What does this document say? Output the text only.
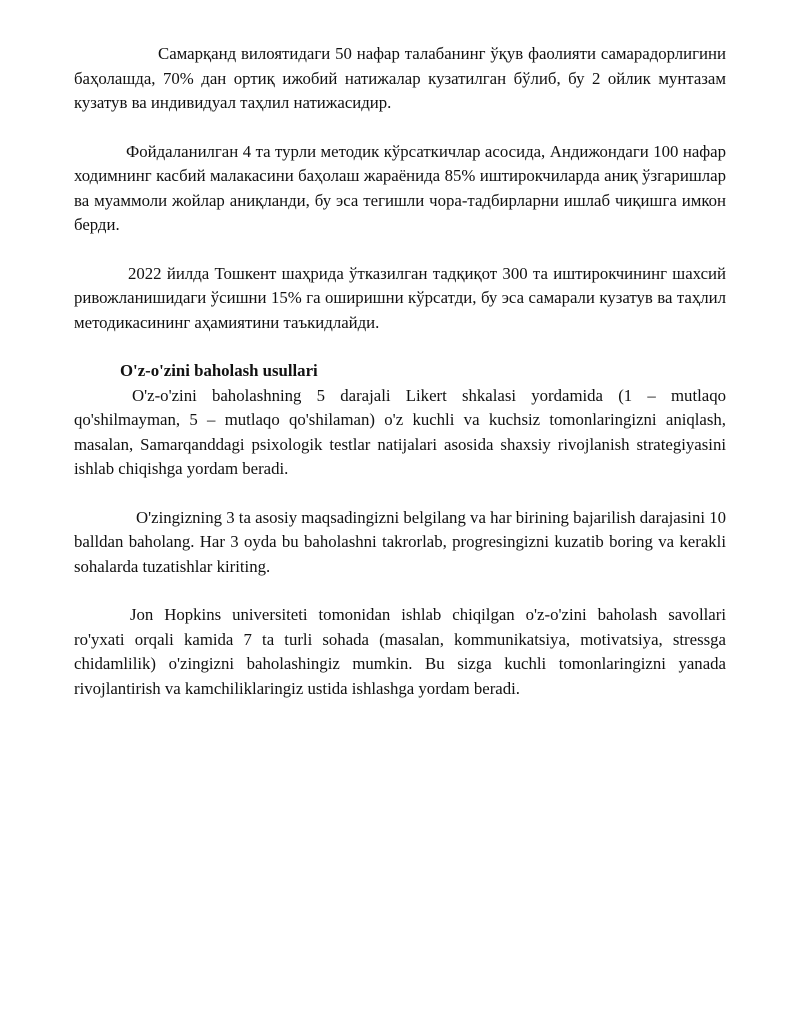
Самарқанд вилоятидаги 50 нафар талабанинг ўқув фаолияти самарадорлигини баҳолашда, 70% дан ортиқ ижобий натижалар кузатилган бўлиб, бу 2 ойлик мунтазам кузатув ва индивидуал таҳлил натижасидир.

Фойдаланилган 4 та турли методик кўрсаткичлар асосида, Андижондаги 100 нафар ходимнинг касбий малакасини баҳолаш жараёнида 85% иштирокчиларда аниқ ўзгаришлар ва муаммоли жойлар аниқланди, бу эса тегишли чора-тадбирларни ишлаб чиқишга имкон берди.

2022 йилда Тошкент шаҳрида ўтказилган тадқиқот 300 та иштирокчининг шахсий ривожланишидаги ўсишни 15% га оширишни кўрсатди, бу эса самарали кузатув ва таҳлил методикасининг аҳамиятини таъкидлайди.

O'z-o'zini baholash usullari

O'z-o'zini baholashning 5 darajali Likert shkalasi yordamida (1 – mutlaqo qo'shilmayman, 5 – mutlaqo qo'shilaman) o'z kuchli va kuchsiz tomonlaringizni aniqlash, masalan, Samarqanddagi psixologik testlar natijalari asosida shaxsiy rivojlanish strategiyasini ishlab chiqishga yordam beradi.

O'zingizning 3 ta asosiy maqsadingizni belgilang va har birining bajarilish darajasini 10 balldan baholang. Har 3 oyda bu baholashni takrorlab, progresingizni kuzatib boring va kerakli sohalarda tuzatishlar kiriting.

Jon Hopkins universiteti tomonidan ishlab chiqilgan o'z-o'zini baholash savollari ro'yxati orqali kamida 7 ta turli sohada (masalan, kommunikatsiya, motivatsiya, stressga chidamlilik) o'zingizni baholashingiz mumkin. Bu sizga kuchli tomonlaringizni yanada rivojlantirish va kamchiliklaringiz ustida ishlashga yordam beradi.
